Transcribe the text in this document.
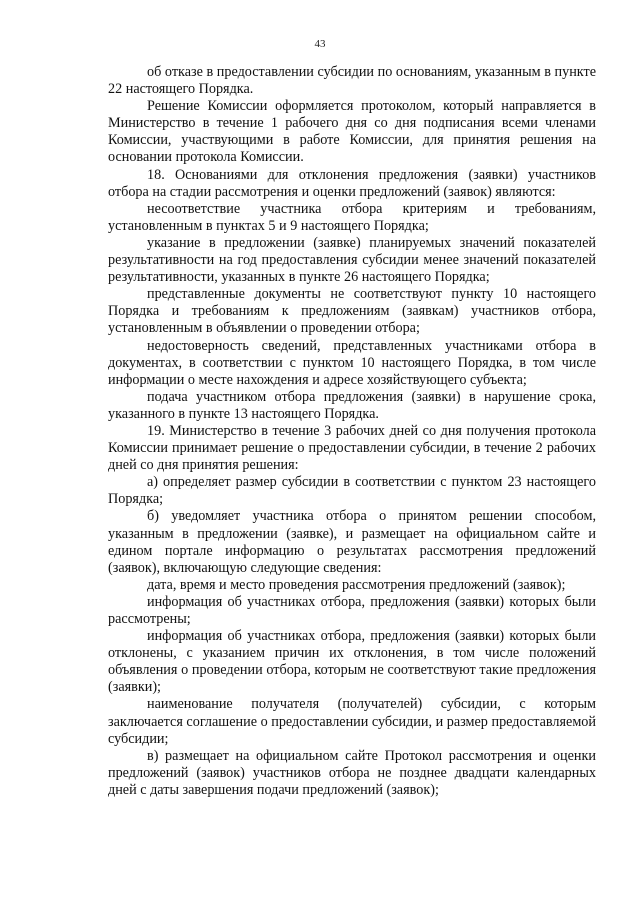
43

об отказе в предоставлении субсидии по основаниям, указанным в пункте 22 настоящего Порядка.

Решение Комиссии оформляется протоколом, который направляется в Министерство в течение 1 рабочего дня со дня подписания всеми членами Комиссии, участвующими в работе Комиссии, для принятия решения на основании протокола Комиссии.

18. Основаниями для отклонения предложения (заявки) участников отбора на стадии рассмотрения и оценки предложений (заявок) являются:

несоответствие участника отбора критериям и требованиям, установленным в пунктах 5 и 9 настоящего Порядка;

указание в предложении (заявке) планируемых значений показателей результативности на год предоставления субсидии менее значений показателей результативности, указанных в пункте 26 настоящего Порядка;

представленные документы не соответствуют пункту 10 настоящего Порядка и требованиям к предложениям (заявкам) участников отбора, установленным в объявлении о проведении отбора;

недостоверность сведений, представленных участниками отбора в документах, в соответствии с пунктом 10 настоящего Порядка, в том числе информации о месте нахождения и адресе хозяйствующего субъекта;

подача участником отбора предложения (заявки) в нарушение срока, указанного в пункте 13 настоящего Порядка.

19. Министерство в течение 3 рабочих дней со дня получения протокола Комиссии принимает решение о предоставлении субсидии, в течение 2 рабочих дней со дня принятия решения:

а) определяет размер субсидии в соответствии с пунктом 23 настоящего Порядка;

б) уведомляет участника отбора о принятом решении способом, указанным в предложении (заявке), и размещает на официальном сайте и едином портале информацию о результатах рассмотрения предложений (заявок), включающую следующие сведения:

дата, время и место проведения рассмотрения предложений (заявок);

информация об участниках отбора, предложения (заявки) которых были рассмотрены;

информация об участниках отбора, предложения (заявки) которых были отклонены, с указанием причин их отклонения, в том числе положений объявления о проведении отбора, которым не соответствуют такие предложения (заявки);

наименование получателя (получателей) субсидии, с которым заключается соглашение о предоставлении субсидии, и размер предоставляемой субсидии;

в) размещает на официальном сайте Протокол рассмотрения и оценки предложений (заявок) участников отбора не позднее двадцати календарных дней с даты завершения подачи предложений (заявок);
